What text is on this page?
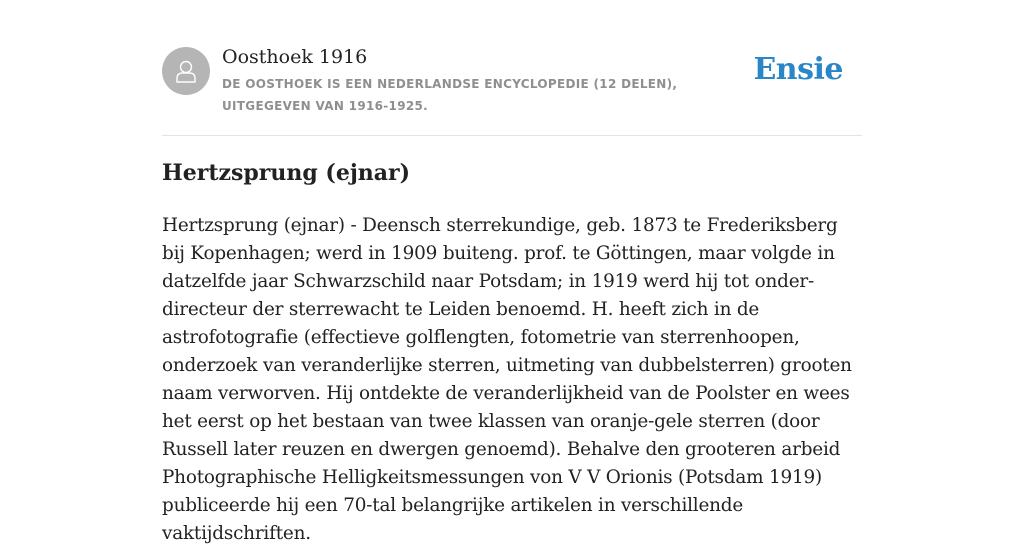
Oosthoek 1916
DE OOSTHOEK IS EEN NEDERLANDSE ENCYCLOPEDIE (12 DELEN), UITGEGEVEN VAN 1916-1925.
Ensie
Hertzsprung (ejnar)

Hertzsprung (ejnar) - Deensch sterrekundige, geb. 1873 te Frederiksberg bij Kopenhagen; werd in 1909 buiteng. prof. te Göttingen, maar volgde in datzelfde jaar Schwarzschild naar Potsdam; in 1919 werd hij tot onder-directeur der sterrewacht te Leiden benoemd. H. heeft zich in de astrofotografie (effectieve golflengten, fotometrie van sterrenhoopen, onderzoek van veranderlijke sterren, uitmeting van dubbelsterren) grooten naam verworven. Hij ontdekte de veranderlijkheid van de Poolster en wees het eerst op het bestaan van twee klassen van oranje-gele sterren (door Russell later reuzen en dwergen genoemd). Behalve den grooteren arbeid Photographische Helligkeitsmessungen von V V Orionis (Potsdam 1919) publiceerde hij een 70-tal belangrijke artikelen in verschillende vaktijdschriften.
